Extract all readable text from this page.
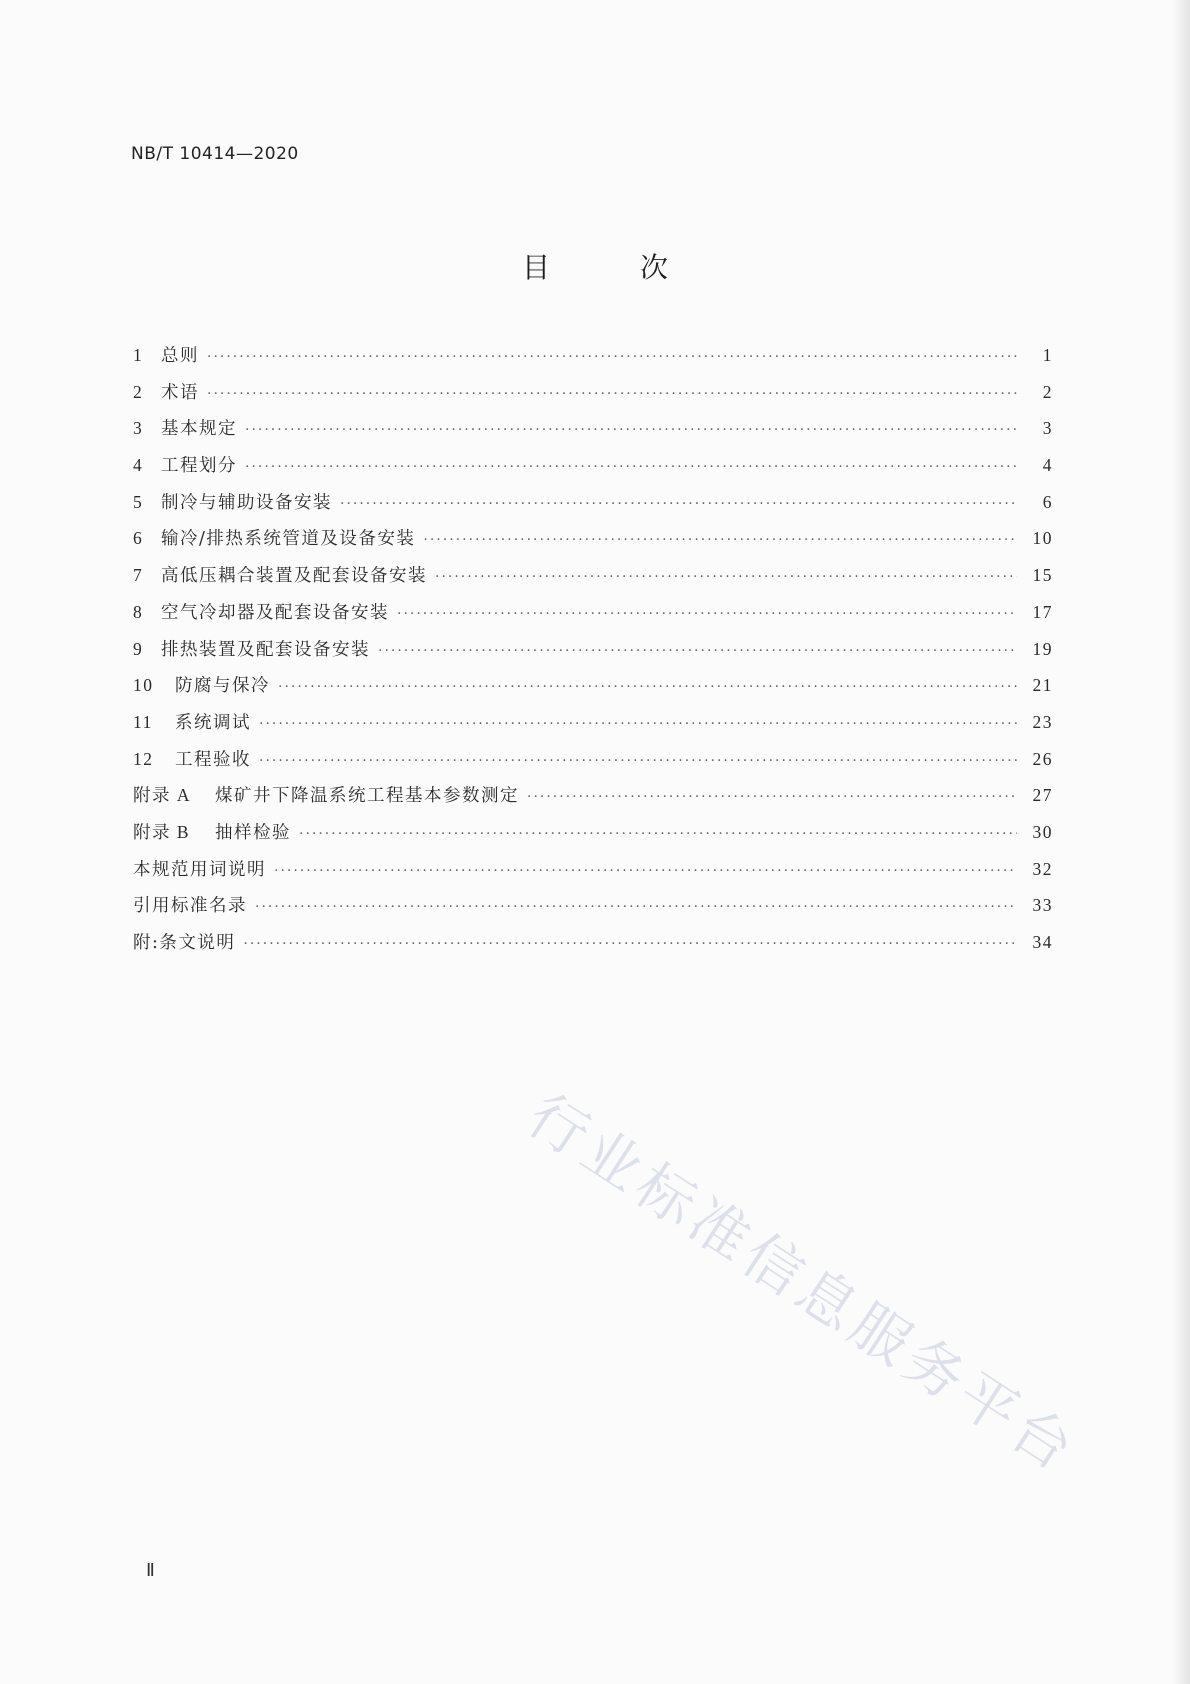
NB/T 10414—2020
目	次
1	总则 ·····	1
2	术语 ·····	2
3	基本规定 ·····	3
4	工程划分 ·····	4
5	制冷与辅助设备安装 ·····	6
6	输冷/排热系统管道及设备安装 ·····	10
7	高低压耦合装置及配套设备安装 ·····	15
8	空气冷却器及配套设备安装 ·····	17
9	排热装置及配套设备安装 ·····	19
10	防腐与保冷 ·····	21
11	系统调试 ·····	23
12	工程验收 ·····	26
附录 A	煤矿井下降温系统工程基本参数测定 ·····	27
附录 B	抽样检验 ·····	30
本规范用词说明 ·····	32
引用标准名录 ·····	33
附:条文说明 ·····	34
行业标准信息服务平台
Ⅱ
